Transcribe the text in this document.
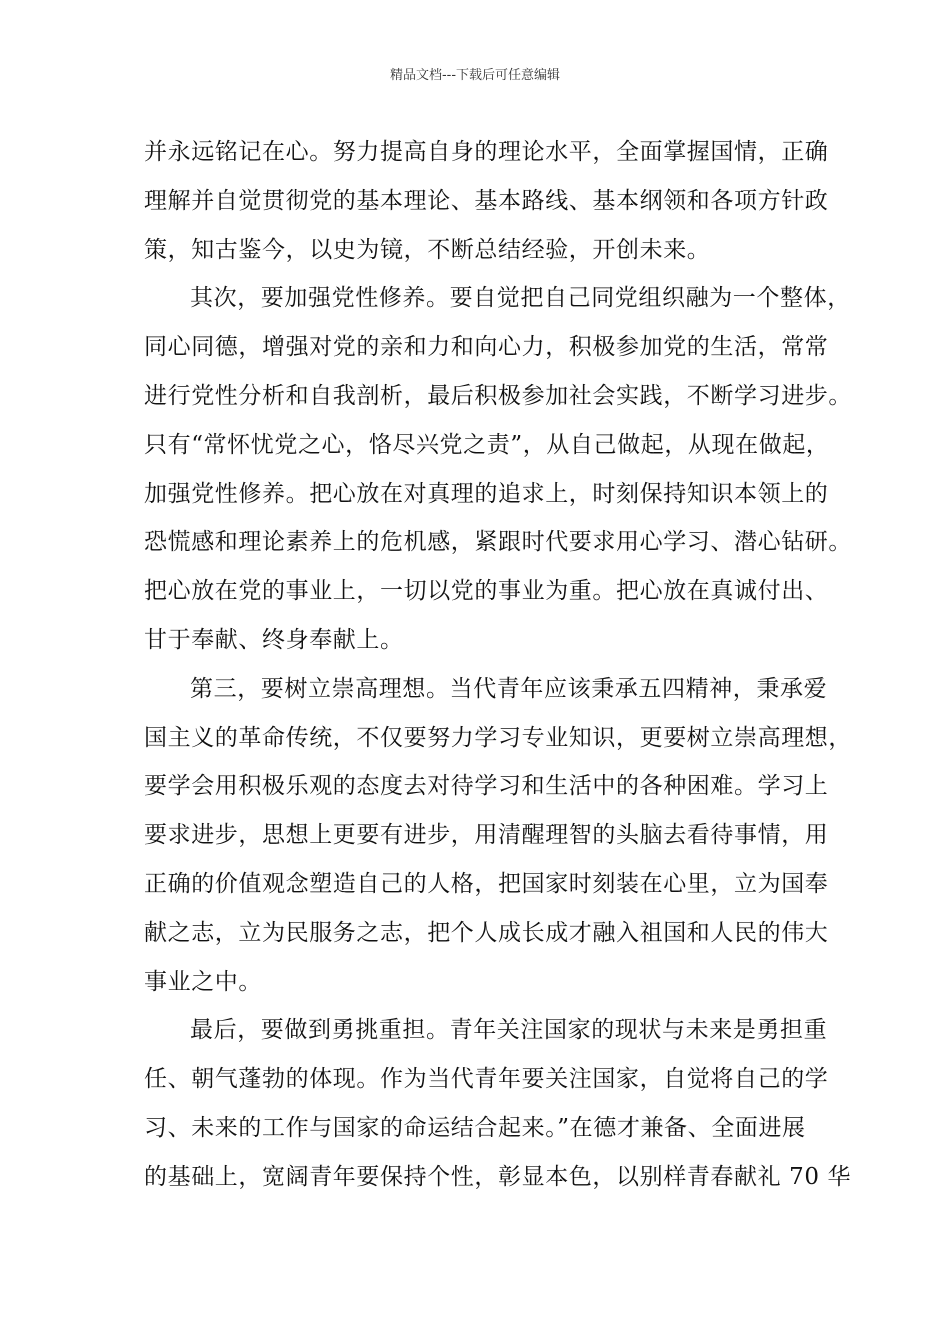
精品文档---下载后可任意编辑
并永远铭记在心。努力提高自身的理论水平，全面掌握国情，正确
理解并自觉贯彻党的基本理论、基本路线、基本纲领和各项方针政
策，知古鉴今，以史为镜，不断总结经验，开创未来。
其次，要加强党性修养。要自觉把自己同党组织融为一个整体，
同心同德，增强对党的亲和力和向心力，积极参加党的生活，常常
进行党性分析和自我剖析，最后积极参加社会实践，不断学习进步。
只有“常怀忧党之心，恪尽兴党之责”，从自己做起，从现在做起，
加强党性修养。把心放在对真理的追求上，时刻保持知识本领上的
恐慌感和理论素养上的危机感，紧跟时代要求用心学习、潜心钻研。
把心放在党的事业上，一切以党的事业为重。把心放在真诚付出、
甘于奉献、终身奉献上。
第三，要树立崇高理想。当代青年应该秉承五四精神，秉承爱
国主义的革命传统，不仅要努力学习专业知识，更要树立崇高理想，
要学会用积极乐观的态度去对待学习和生活中的各种困难。学习上
要求进步，思想上更要有进步，用清醒理智的头脑去看待事情，用
正确的价值观念塑造自己的人格，把国家时刻装在心里，立为国奉
献之志，立为民服务之志，把个人成长成才融入祖国和人民的伟大
事业之中。
最后，要做到勇挑重担。青年关注国家的现状与未来是勇担重
任、朝气蓬勃的体现。作为当代青年要关注国家，自觉将自己的学
习、未来的工作与国家的命运结合起来。”在德才兼备、全面进展
的基础上，宽阔青年要保持个性，彰显本色，以别样青春献礼 70 华
